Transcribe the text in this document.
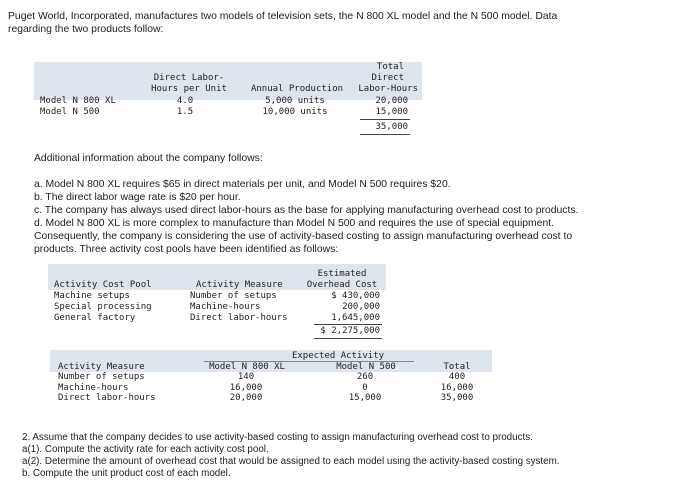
Puget World, Incorporated, manufactures two models of television sets, the N 800 XL model and the N 500 model. Data
regarding the two products follow:
Direct Labor-
Hours per Unit	Annual Production
Total
Direct
Labor-Hours
Model N 800 XL	4.0	5,000 units	20,000
Model N 500	1.5	10,000 units	15,000
35,000
Additional information about the company follows:
a. Model N 800 XL requires $65 in direct materials per unit, and Model N 500 requires $20.
b. The direct labor wage rate is $20 per hour.
c. The company has always used direct labor-hours as the base for applying manufacturing overhead cost to products.
d. Model N 800 XL is more complex to manufacture than Model N 500 and requires the use of special equipment.
Consequently, the company is considering the use of activity-based costing to assign manufacturing overhead cost to
products. Three activity cost pools have been identified as follows:
Estimated
Activity Cost Pool	Activity Measure	Overhead Cost
Machine setups	Number of setups	$ 430,000
Special processing	Machine-hours	200,000
General factory	Direct labor-hours	1,645,000
$ 2,275,000
Expected Activity
Activity Measure	Model N 800 XL	Model N 500	Total
Number of setups	140	260	400
Machine-hours	16,000	0	16,000
Direct labor-hours	20,000	15,000	35,000
2. Assume that the company decides to use activity-based costing to assign manufacturing overhead cost to products.
a(1). Compute the activity rate for each activity cost pool.
a(2). Determine the amount of overhead cost that would be assigned to each model using the activity-based costing system.
b. Compute the unit product cost of each model.
